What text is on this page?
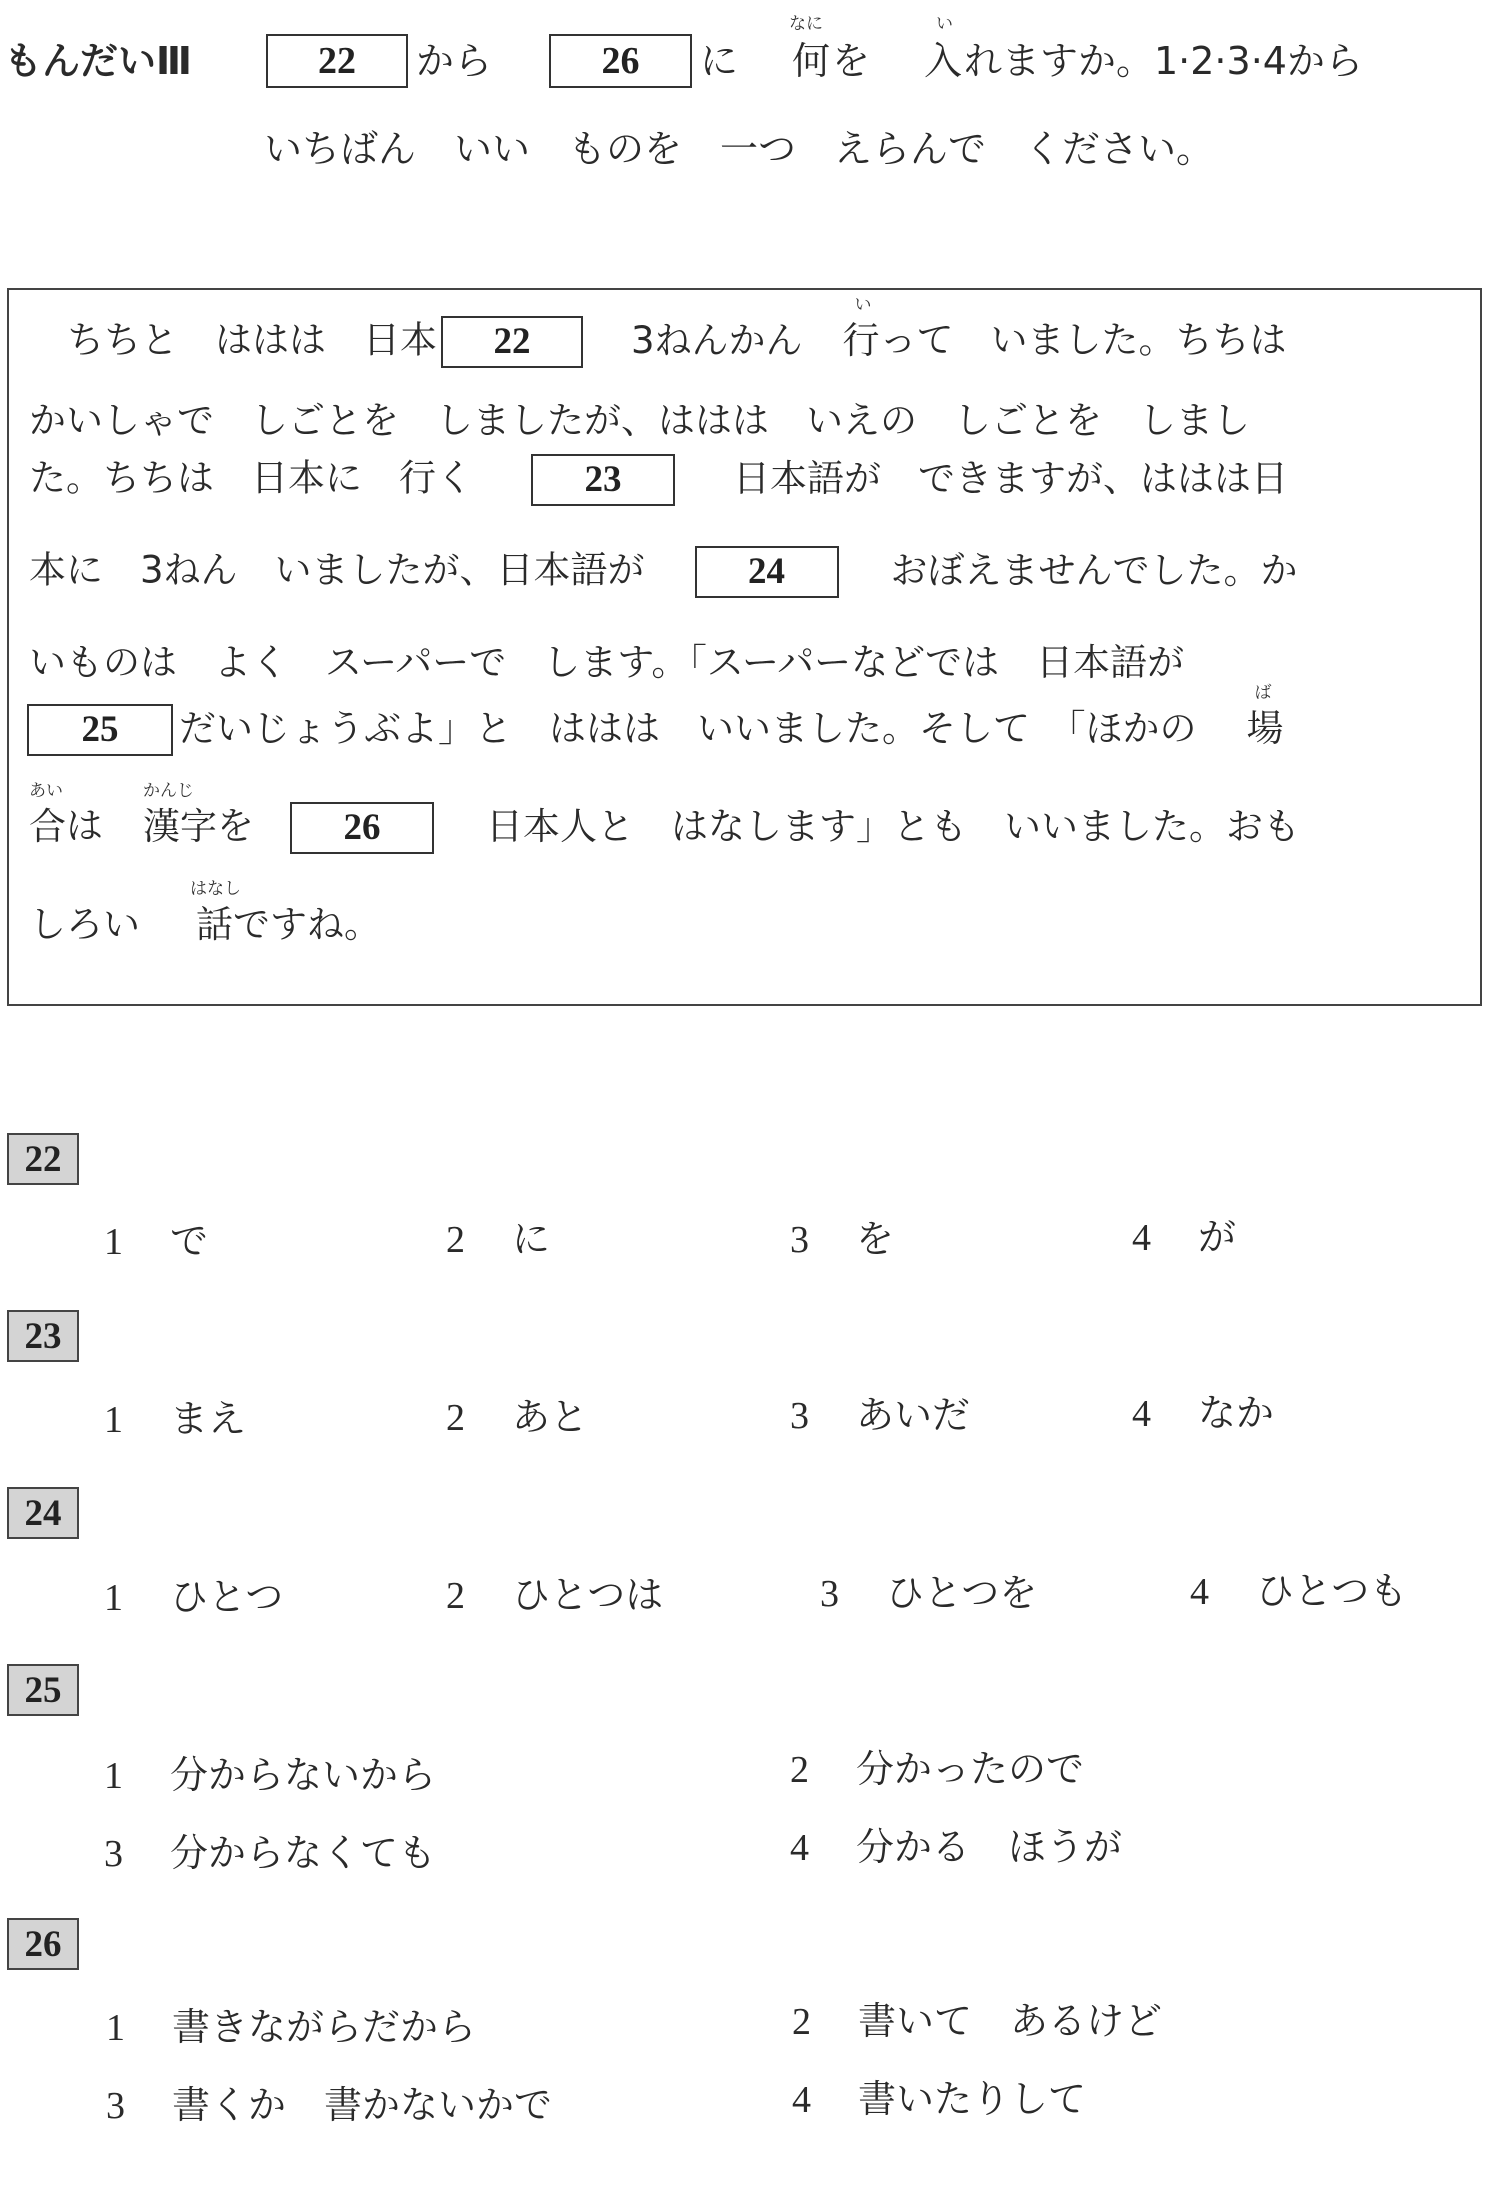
もんだいⅢ	22	から	26	に
なに
何 を
い
入 れますか。1·2·3·4から
いちばん　いい　ものを　一つ　えらんで　ください。
ちちと　ははは　日本 22	3ねんかん
い
行って　いました。ちちは
かいしゃで　しごとを　しましたが、ははは　いえの　しごとを　しまし
た。ちちは　日本に　行く	23	日本語が　できますが、ははは日
本に　3ねん　いましたが、日本語が	24	おぼえませんでした。か
いものは　よく　スーパーで　します。「スーパーなどでは　日本語が
25 だいじょうぶよ」と　ははは　いいました。そして　「ほかの
ば
場
あい
合は
かんじ
漢字を 26	日本人と　はなします」とも　いいました。おも
しろい
はなし
話ですね。
22
1 で	2 に	3 を	4 が
23
1 まえ	2 あと	3 あいだ	4 なか
24
1 ひとつ	2 ひとつは	3 ひとつを	4 ひとつも
25
1 分からないから	2 分かったので
3 分からなくても	4 分かる　ほうが
26
1 書きながらだから	2 書いて　あるけど
3 書くか　書かないかで	4 書いたりして
